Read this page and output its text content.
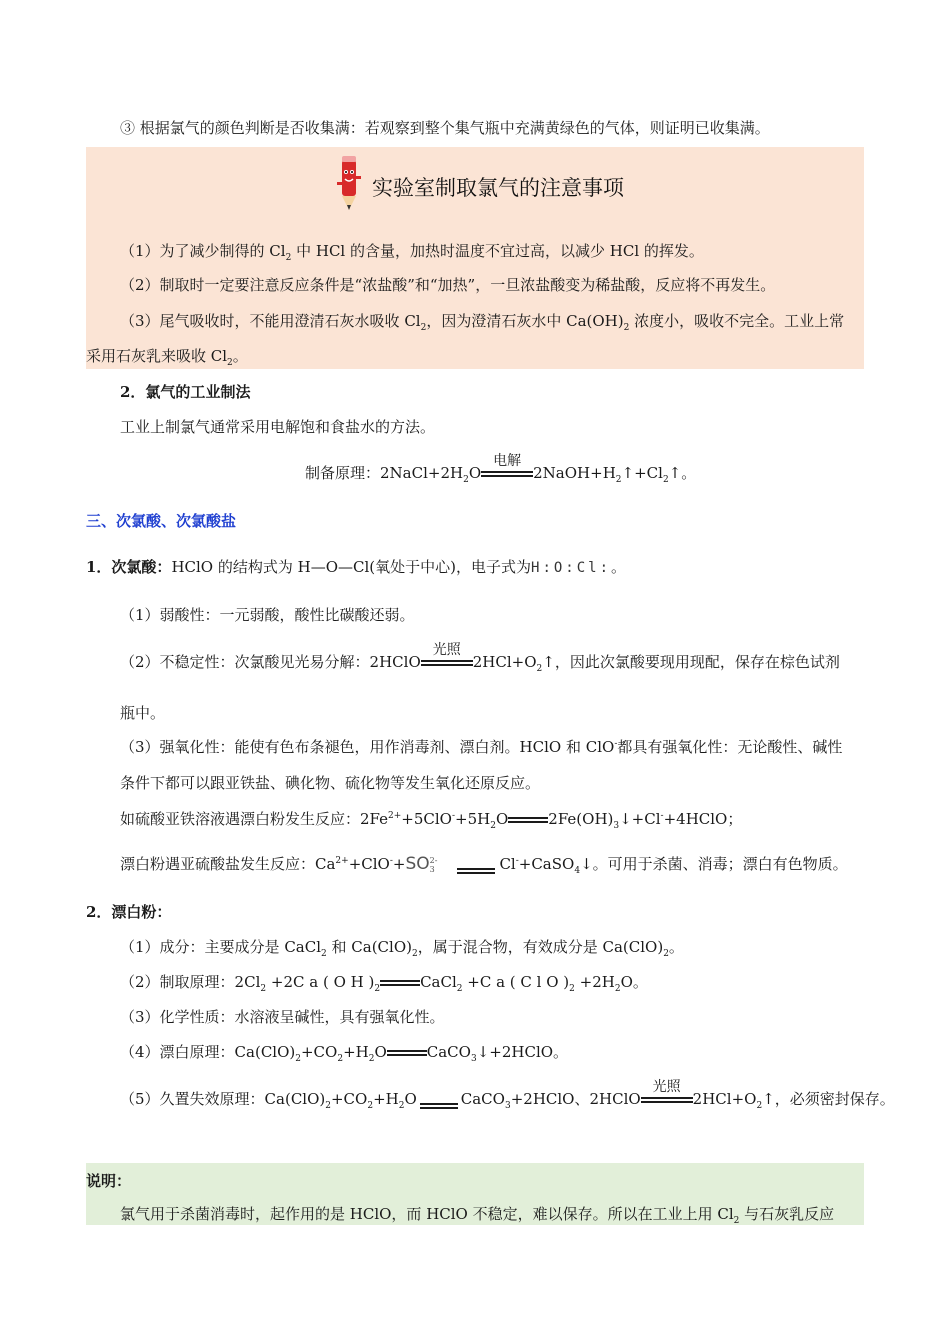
③ 根据氯气的颜色判断是否收集满：若观察到整个集气瓶中充满黄绿色的气体，则证明已收集满。
实验室制取氯气的注意事项
（1）为了减少制得的 $Cl_2$ 中 HCl 的含量，加热时温度不宜过高，以减少 HCl 的挥发。
（2）制取时一定要注意反应条件是“浓盐酸”和“加热”，一旦浓盐酸变为稀盐酸，反应将不再发生。
（3）尾气吸收时，不能用澄清石灰水吸收 $Cl_2$，因为澄清石灰水中 $Ca(OH)_2$ 浓度小，吸收不完全。工业上常
采用石灰乳来吸收 $Cl_2$。
2．氯气的工业制法
工业上制氯气通常采用电解饱和食盐水的方法。
制备原理：$2NaCl+2H_2O$
电解
$2NaOH+H_2↑+Cl_2↑$。
三、次氯酸、次氯酸盐
1．次氯酸：HClO 的结构式为 H—O—Cl(氧处于中心)，电子式为H:O:Cl:。
（1）弱酸性：一元弱酸，酸性比碳酸还弱。
（2）不稳定性：次氯酸见光易分解：2HClO
光照
$2HCl+O_2↑$，因此次氯酸要现用现配，保存在棕色试剂
瓶中。
（3）强氧化性：能使有色布条褪色，用作消毒剂、漂白剂。HClO 和 ClO-都具有强氧化性：无论酸性、碱性
条件下都可以跟亚铁盐、碘化物、硫化物等发生氧化还原反应。
如硫酸亚铁溶液遇漂白粉发生反应：$2Fe^{2+}+5ClO^-+5H_2O$	$2Fe(OH)_3↓+Cl^-+4HClO$；
漂白粉遇亚硫酸盐发生反应：$Ca^{2+}+ClO^-+SO$ 2-
3	Cl-+CaSO$_4$↓。可用于杀菌、消毒；漂白有色物质。
2．漂白粉：
（1）成分：主要成分是 CaCl$_2$ 和 $Ca(ClO)_2$，属于混合物，有效成分是 $Ca(ClO)_2$。
（2）制取原理：$2Cl_2 +2C$ a ( O H )$_2$	CaCl$_2$ +C a ( C l O )$_2 +2H_2O$。
（3）化学性质：水溶液呈碱性，具有强氧化性。
（4）漂白原理：$Ca(ClO)_2+CO_2+H_2O$	CaCO$_3$↓+2HClO。
（5）久置失效原理：$Ca(ClO)_2+CO_2+H_2O$	CaCO$_3$+2HClO、2HClO
光照
$2HCl+O_2↑$，必须密封保存。
说明：
氯气用于杀菌消毒时，起作用的是 HClO，而 HClO 不稳定，难以保存。所以在工业上用 $Cl_2$ 与石灰乳反应
